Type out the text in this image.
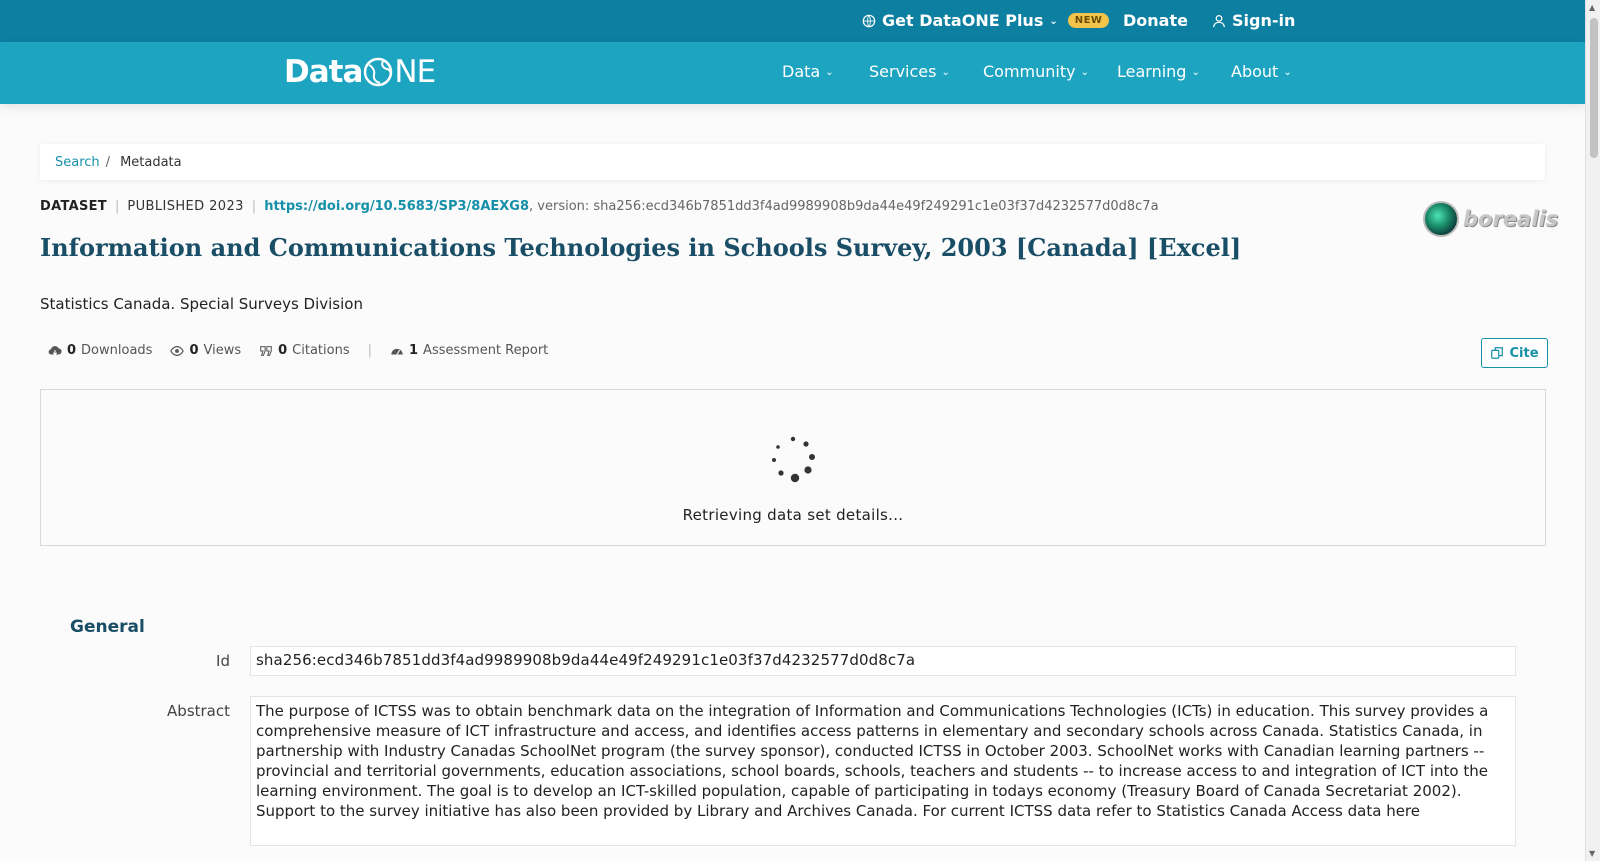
Get DataONE Plus ⌄	NEW	Donate	Sign-in
Data NE	Data ⌄ Services ⌄ Community ⌄ Learning ⌄ About ⌄
Search / Metadata
DATASET | PUBLISHED 2023 | https://doi.org/10.5683/SP3/8AEXG8 , version: sha256:ecd346b7851dd3f4ad9989908b9da44e49f249291c1e03f37d4232577d0d8c7a
borealis
Information and Communications Technologies in Schools Survey, 2003 [Canada] [Excel]
Statistics Canada. Special Surveys Division
0 Downloads	0 Views	0 Citations |	1 Assessment Report	Cite
Retrieving data set details...
General
Id	sha256:ecd346b7851dd3f4ad9989908b9da44e49f249291c1e03f37d4232577d0d8c7a
Abstract	The purpose of ICTSS was to obtain benchmark data on the integration of Information and Communications Technologies (ICTs) in education. This survey provides a comprehensive measure of ICT infrastructure and access, and identifies access patterns in elementary and secondary schools across Canada. Statistics Canada, in partnership with Industry Canadas SchoolNet program (the survey sponsor), conducted ICTSS in October 2003. SchoolNet works with Canadian learning partners -- provincial and territorial governments, education associations, school boards, schools, teachers and students -- to increase access to and integration of ICT into the learning environment. The goal is to develop an ICT-skilled population, capable of participating in todays economy (Treasury Board of Canada Secretariat 2002). Support to the survey initiative has also been provided by Library and Archives Canada. For current ICTSS data refer to Statistics Canada Access data here
▲
▼
